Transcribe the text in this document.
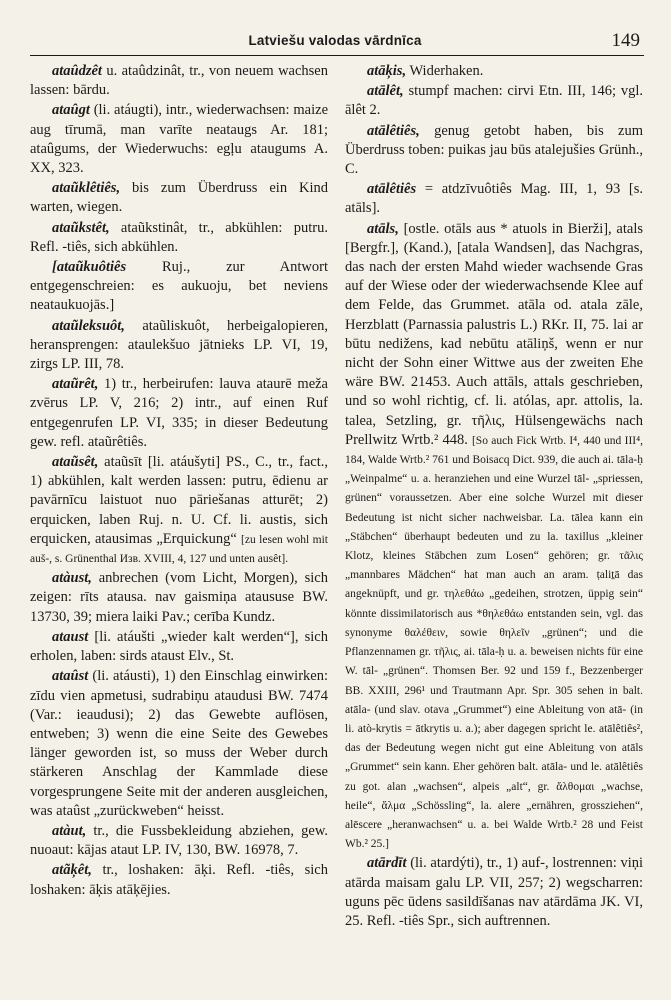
Latviešu valodas vārdnīca	149
ataûdzêt u. ataûdzinât, tr., von neuem wachsen lassen: bārdu.
ataûgt (li. atáugti), intr., wiederwachsen: maize aug tīrumā, man varīte neataugs Ar. 181; ataûgums, der Wiederwuchs: egļu ataugums A. XX, 323.
ataũklêtiês, bis zum Überdruss ein Kind warten, wiegen.
ataũkstêt, ataũkstinât, tr., abkühlen: putru. Refl. -tiês, sich abkühlen.
[ataũkuôtiês Ruj., zur Antwort entgegenschreien: es aukuoju, bet neviens neataukuojās.]
ataũleksuôt, ataũliskuôt, herbeigalopieren, heransprengen: ataulekšuo jātnieks LP. VI, 19, zirgs LP. III, 78.
ataũrêt, 1) tr., herbeirufen: lauva ataurē meža zvērus LP. V, 216; 2) intr., auf einen Ruf entgegenrufen LP. VI, 335; in dieser Bedeutung gew. refl. ataũrêtiês.
ataũsêt, ataũsīt [li. atáušyti] PS., C., tr., fact., 1) abkühlen, kalt werden lassen: putru, ēdienu ar pavārnīcu laistuot nuo pāriešanas atturēt; 2) erquicken, laben Ruj. n. U. Cf. li. austis, sich erquicken, atausimas „Erquickung“ [zu lesen wohl mit auš-, s. Grünenthal Изв. XVIII, 4, 127 und unten ausêt].
atàust, anbrechen (vom Licht, Morgen), sich zeigen: rīts atausa. nav gaismiņa ataususe BW. 13730, 39; miera laiki Pav.; cerība Kundz.
ataust [li. atáušti „wieder kalt werden“], sich erholen, laben: sirds ataust Elv., St.
ataûst (li. atáusti), 1) den Einschlag einwirken: zīdu vien apmetusi, sudrabiņu ataudusi BW. 7474 (Var.: ieaudusi); 2) das Gewebte auflösen, entweben; 3) wenn die eine Seite des Gewebes länger geworden ist, so muss der Weber durch stärkeren Anschlag der Kammlade diese vorgesprungene Seite mit der anderen ausgleichen, was ataûst „zurückweben“ heisst.
atàut, tr., die Fussbekleidung abziehen, gew. nuoaut: kājas ataut LP. IV, 130, BW. 16978, 7.
atãķêt, tr., loshaken: āķi. Refl. -tiês, sich loshaken: āķis atāķējies.
atāķis, Widerhaken.
atālêt, stumpf machen: cirvi Etn. III, 146; vgl. ālêt 2.
atālêtiês, genug getobt haben, bis zum Überdruss toben: puikas jau būs atalejušies Grünh., C.
atālêtiês = atdzīvuôtiês Mag. III, 1, 93 [s. atāls].
atāls, [ostle. otāls aus * atuols in Bierži], atals [Bergfr.], (Kand.), [atala Wandsen], das Nachgras, das nach der ersten Mahd wieder wachsende Gras auf der Wiese oder der wiederwachsende Klee auf dem Felde, das Grummet. atāla od. atala zāle, Herzblatt (Parnassia palustris L.) RKr. II, 75. lai ar būtu nedižens, kad nebūtu atāliņš, wenn er nur nicht der Sohn einer Wittwe aus der zweiten Ehe wäre BW. 21453. Auch attāls, attals geschrieben, und so wohl richtig, cf. li. atólas, apr. attolis, la. talea, Setzling, gr. τῆλις, Hülsengewächs nach Prellwitz Wrtb.² 448. [So auch Fick Wrtb. I⁴, 440 und III⁴, 184, Walde Wrtb.² 761 und Boisacq Dict. 939, die auch ai. tāla-ḥ „Weinpalme“ u. a. heranziehen und eine Wurzel tāl- „spriessen, grünen“ voraussetzen. Aber eine solche Wurzel mit dieser Bedeutung ist nicht sicher nachweisbar. La. tālea kann ein „Stäbchen“ überhaupt bedeuten und zu la. taxillus „kleiner Klotz, kleines Stäbchen zum Losen“ gehören; gr. τᾶλις „mannbares Mädchen“ hat man auch an aram. ṭaliṯā das angeknüpft, und gr. τηλεθάω „gedeihen, strotzen, üppig sein“ könnte dissimilatorisch aus *θηλεθάω entstanden sein, vgl. das synonyme θαλέθειν, sowie θηλεῖν „grünen“; und die Pflanzennamen gr. τῆλις, ai. tāla-ḥ u. a. beweisen nichts für eine W. tāl- „grünen“. Thomsen Ber. 92 und 159 f., Bezzenberger BB. XXIII, 296¹ und Trautmann Apr. Spr. 305 sehen in balt. atāla- (und slav. otava „Grummet“) eine Ableitung von atā- (in li. atò-krytis = ātkrytis u. a.); aber dagegen spricht le. atālêtiês², das der Bedeutung wegen nicht gut eine Ableitung von atāls „Grummet“ sein kann. Eher gehören balt. atāla- und le. atālêtiês zu got. alan „wachsen“, alpeis „alt“, gr. ἄλθομαι „wachse, heile“, ἄλμα „Schössling“, la. alere „ernähren, grossziehen“, alēscere „heranwachsen“ u. a. bei Walde Wrtb.² 28 und Feist Wb.² 25.]
atārdīt (li. atardýti), tr., 1) auf-, lostrennen: viņi atārda maisam galu LP. VII, 257; 2) wegscharren: uguns pēc ūdens sasildīšanas nav atārdāma JK. VI, 25. Refl. -tiês Spr., sich auftrennen.
